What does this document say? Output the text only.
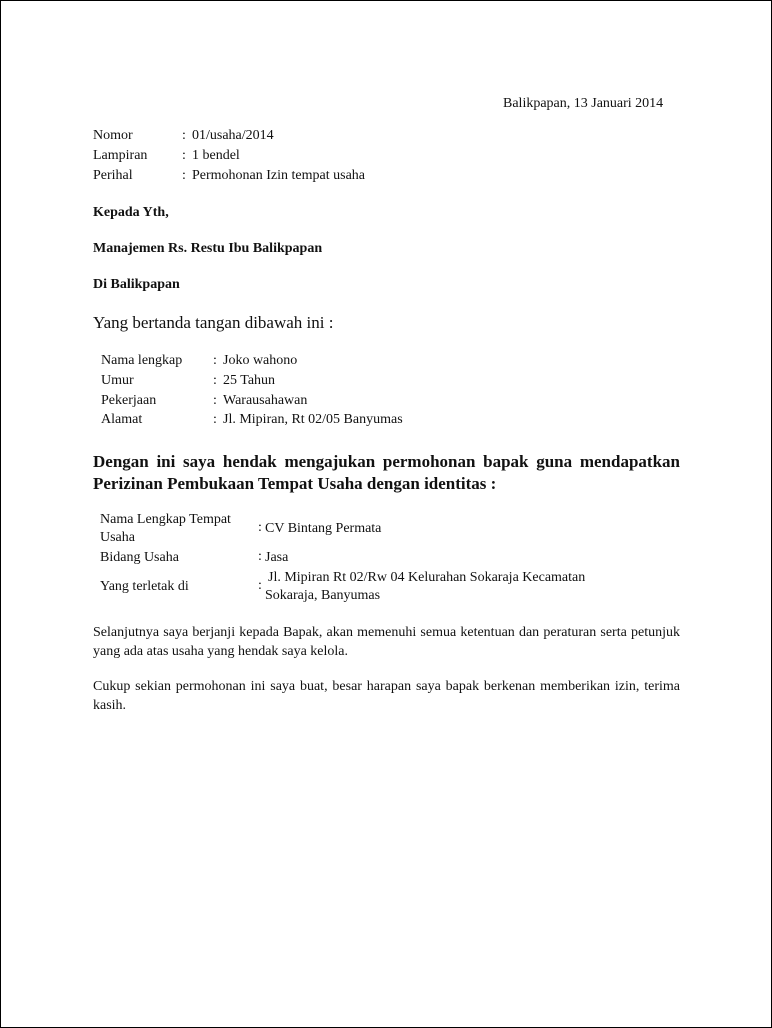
Balikpapan, 13 Januari 2014
Nomor	: 01/usaha/2014
Lampiran : 1 bendel
Perihal	: Permohonan Izin tempat usaha
Kepada Yth,
Manajemen Rs. Restu Ibu Balikpapan
Di Balikpapan
Yang bertanda tangan dibawah ini :
Nama lengkap : Joko wahono
Umur	: 25 Tahun
Pekerjaan	: Warausahawan
Alamat	: Jl. Mipiran, Rt 02/05 Banyumas
Dengan ini saya hendak mengajukan permohonan bapak guna mendapatkan Perizinan Pembukaan Tempat Usaha dengan identitas :
Nama Lengkap Tempat
Usaha
: CV Bintang Permata
Bidang Usaha	: Jasa
Yang terletak di	:
Jl. Mipiran Rt 02/Rw 04 Kelurahan Sokaraja Kecamatan
Sokaraja, Banyumas
Selanjutnya saya berjanji kepada Bapak, akan memenuhi semua ketentuan dan peraturan serta petunjuk yang ada atas usaha yang hendak saya kelola.
Cukup sekian permohonan ini saya buat, besar harapan saya bapak berkenan memberikan izin, terima kasih.
